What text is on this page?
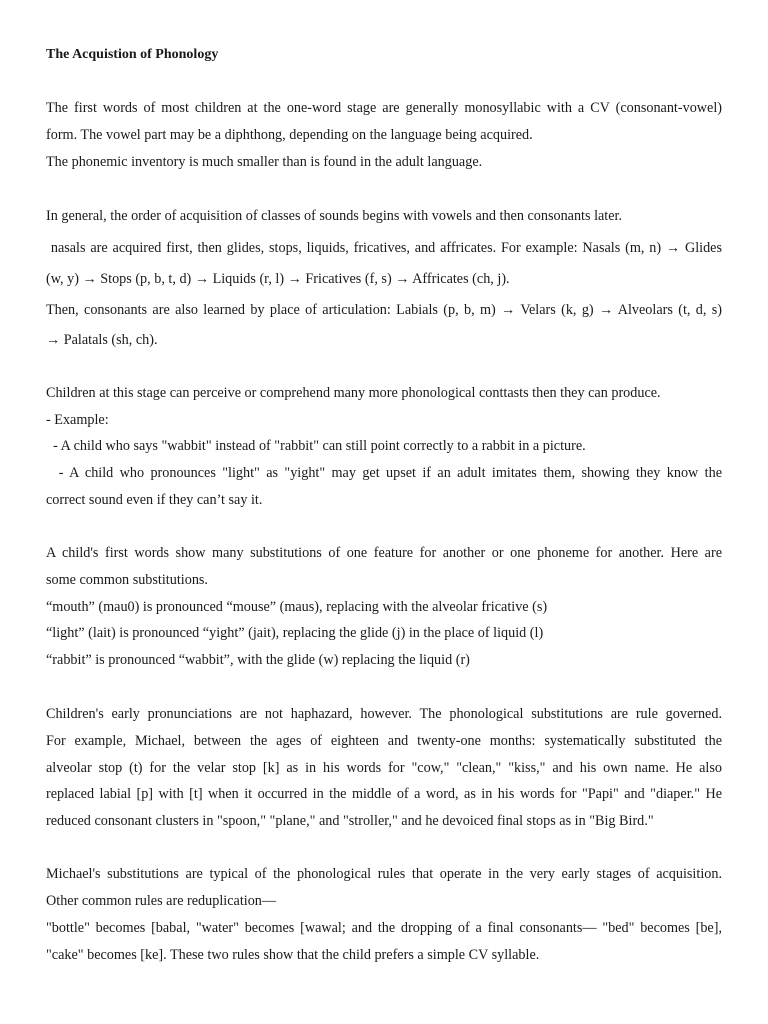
The Acquistion of Phonology

The first words of most children at the one-word stage are generally monosyllabic with a CV (consonant-vowel)

form. The vowel part may be a diphthong, depending on the language being acquired.

The phonemic inventory is much smaller than is found in the adult language.

In general, the order of acquisition of classes of sounds begins with vowels and then consonants later.

nasals are acquired first, then glides, stops, liquids, fricatives, and affricates. For example: Nasals (m, n) → Glides

(w, y) → Stops (p, b, t, d) → Liquids (r, l) → Fricatives (f, s) → Affricates (ch, j).

Then, consonants are also learned by place of articulation: Labials (p, b, m) → Velars (k, g) → Alveolars (t, d, s)

→ Palatals (sh, ch).

Children at this stage can perceive or comprehend many more phonological conttasts then they can produce.

- Example:

- A child who says "wabbit" instead of "rabbit" can still point correctly to a rabbit in a picture.

- A child who pronounces "light" as "yight" may get upset if an adult imitates them, showing they know the

correct sound even if they can’t say it.

A child's first words show many substitutions of one feature for another or one phoneme for another. Here are

some common substitutions.

“mouth” (mau0) is pronounced “mouse” (maus), replacing with the alveolar fricative (s)

“light” (lait) is pronounced “yight” (jait), replacing the glide (j) in the place of liquid (l)

“rabbit” is pronounced “wabbit”, with the glide (w) replacing the liquid (r)

Children's early pronunciations are not haphazard, however. The phonological substitutions are rule governed.

For example, Michael, between the ages of eighteen and twenty-one months: systematically substituted the

alveolar stop (t) for the velar stop [k] as in his words for "cow," "clean," "kiss," and his own name. He also

replaced labial [p] with [t] when it occurred in the middle of a word, as in his words for "Papi" and "diaper." He

reduced consonant clusters in "spoon," "plane," and "stroller," and he devoiced final stops as in "Big Bird."

Michael's substitutions are typical of the phonological rules that operate in the very early stages of acquisition.

Other common rules are reduplication—

"bottle" becomes [babal, "water" becomes [wawal; and the dropping of a final consonants— "bed" becomes [be],

"cake" becomes [ke]. These two rules show that the child prefers a simple CV syllable.
